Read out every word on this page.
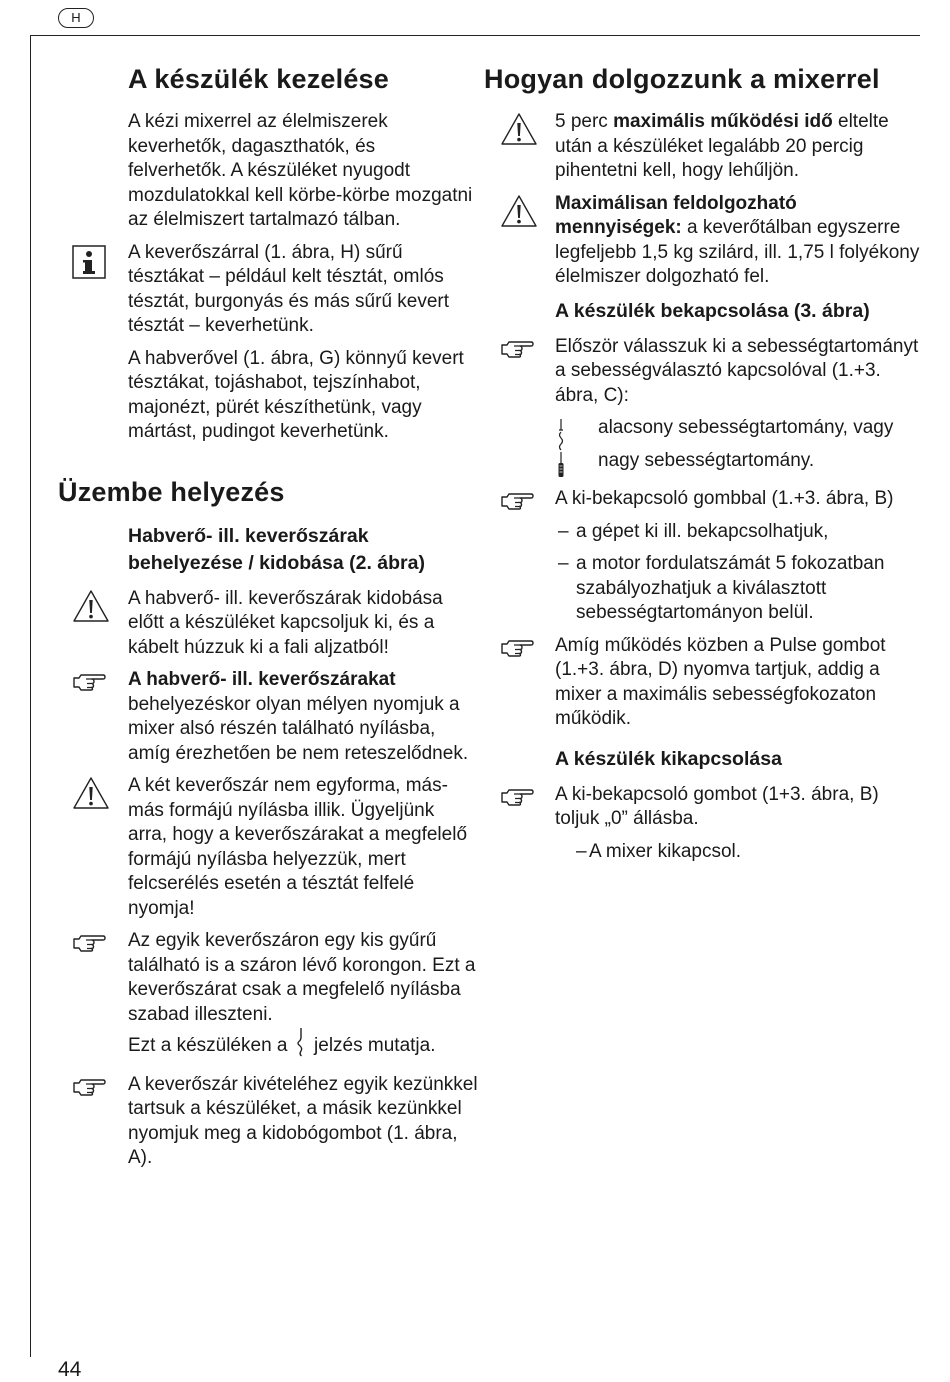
H
A készülék kezelése

A kézi mixerrel az élelmiszerek keverhetők, dagaszthatók, és felverhetők. A készüléket nyugodt mozdulatokkal kell körbe-körbe mozgatni az élelmiszert tartalmazó tálban.

A keverőszárral (1. ábra, H) sűrű tésztákat – például kelt tésztát, omlós tésztát, burgonyás és más sűrű kevert tésztát – keverhetünk.

A habverővel (1. ábra, G) könnyű kevert tésztákat, tojáshabot, tejszínhabot, majonézt, pürét készíthetünk, vagy mártást, pudingot keverhetünk.

Üzembe helyezés
Habverő- ill. keverőszárak behelyezése / kidobása (2. ábra)

A habverő- ill. keverőszárak kidobása előtt a készüléket kapcsoljuk ki, és a kábelt húzzuk ki a fali aljzatból!

A habverő- ill. keverőszárakat behelyezéskor olyan mélyen nyomjuk a mixer alsó részén található nyílásba, amíg érezhetően be nem reteszelődnek.

A két keverőszár nem egyforma, más-más formájú nyílásba illik. Ügyeljünk arra, hogy a keverőszárakat a megfelelő formájú nyílásba helyezzük, mert felcserélés esetén a tésztát felfelé nyomja!

Az egyik keverőszáron egy kis gyűrű található is a száron lévő korongon. Ezt a keverőszárat csak a megfelelő nyílásba szabad illeszteni.

Ezt a készüléken a jelzés mutatja.

A keverőszár kivételéhez egyik kezünkkel tartsuk a készüléket, a másik kezünkkel nyomjuk meg a kidobógombot (1. ábra, A).

Hogyan dolgozzunk a mixerrel

5 perc maximális működési idő eltelte után a készüléket legalább 20 percig pihentetni kell, hogy lehűljön.

Maximálisan feldolgozható mennyiségek: a keverőtálban egyszerre legfeljebb 1,5 kg szilárd, ill. 1,75 l folyékony élelmiszer dolgozható fel.

A készülék bekapcsolása (3. ábra)

Először válasszuk ki a sebességtartományt a sebességválasztó kapcsolóval (1.+3. ábra, C):

alacsony sebességtartomány, vagy
nagy sebességtartomány.

A ki-bekapcsoló gombbal (1.+3. ábra, B)

– a gépet ki ill. bekapcsolhatjuk,
– a motor fordulatszámát 5 fokozatban szabályozhatjuk a kiválasztott sebességtartományon belül.

Amíg működés közben a Pulse gombot (1.+3. ábra, D) nyomva tartjuk, addig a mixer a maximális sebességfokozaton működik.

A készülék kikapcsolása

A ki-bekapcsoló gombot (1+3. ábra, B) toljuk „0” állásba.

– A mixer kikapcsol.
44
